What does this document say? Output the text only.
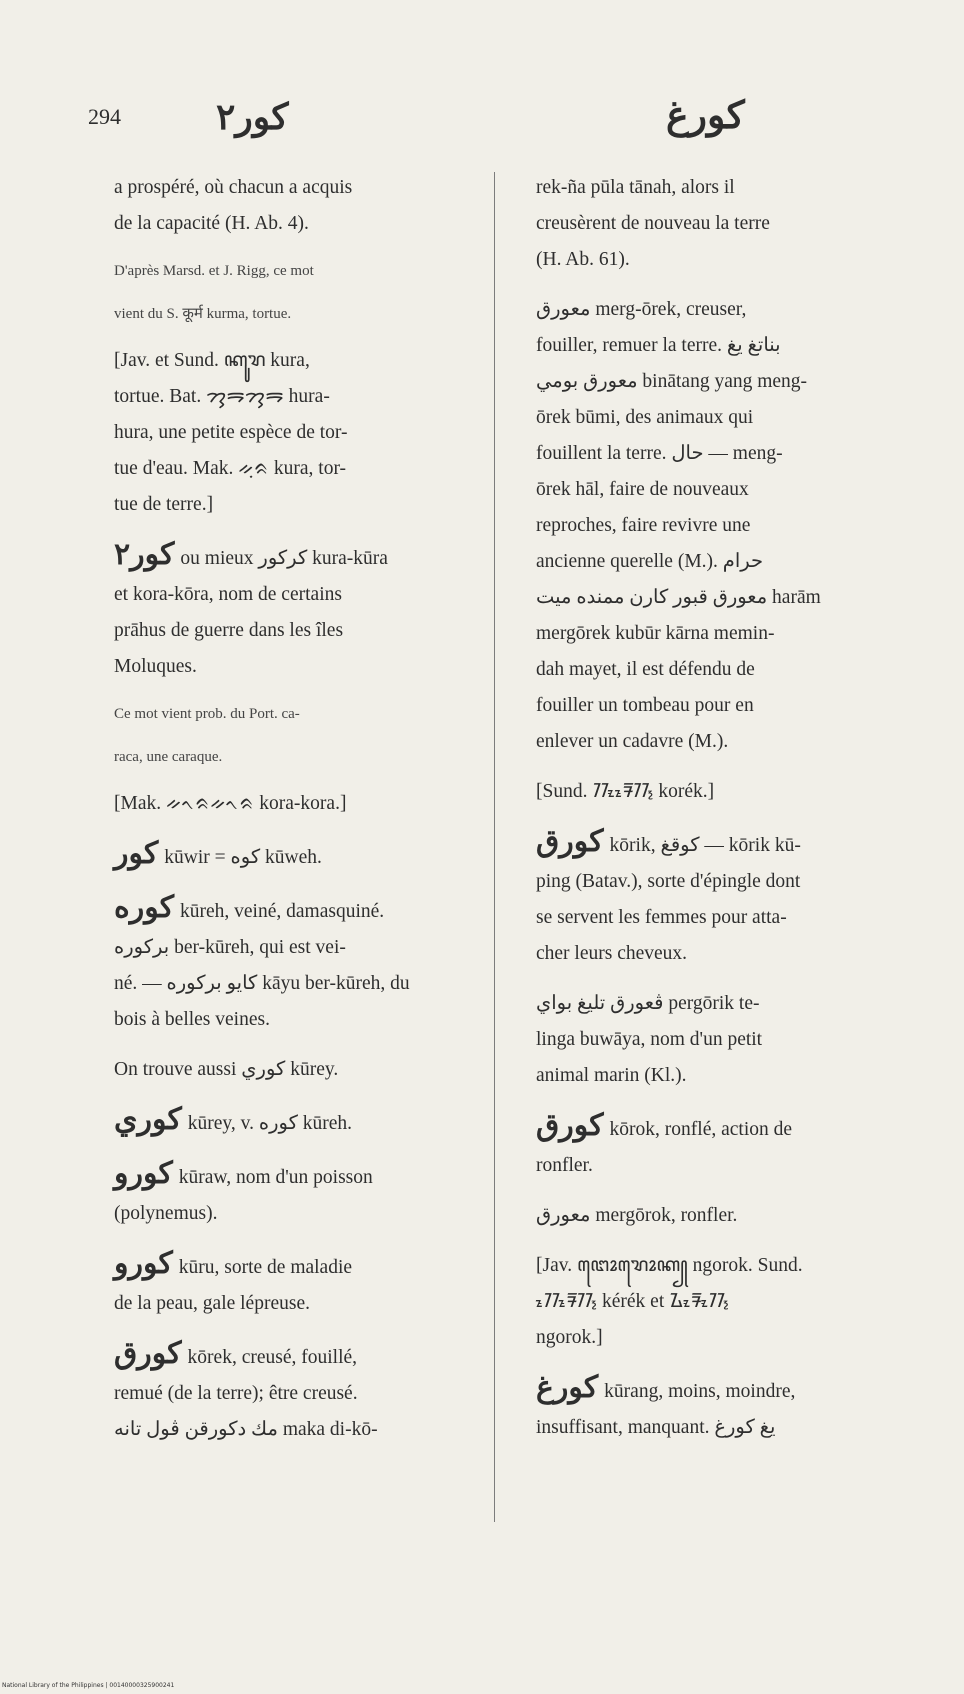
294	كور٢	كورغ

a prospéré, où chacun a acquis

de la capacité (H. Ab. 4).

D'après Marsd. et J. Rigg, ce mot

vient du S. कूर्म kurma, tortue.

[Jav. et Sund. ꦏꦸꦫ kura,

tortue. Bat. ᯂᯮᯒᯂᯮᯒ hura-

hura, une petite espèce de tor-

tue d'eau. Mak. ᨀᨘᨑ kura, tor-

tue de terre.]

كور٢ ou mieux كركور kura-kūra

et kora-kōra, nom de certains

prāhus de guerre dans les îles

Moluques.

Ce mot vient prob. du Port. ca-

raca, une caraque.

[Mak. ᨀᨚᨑᨀᨚᨑ kora-kora.]

كور kūwir = كوه kūweh.

كوره kūreh, veiné, damasquiné.

بركوره ber-kūreh, qui est vei-

né. — كايو بركوره kāyu ber-kūreh, du

bois à belles veines.

On trouve aussi كوري kūrey.

كوري kūrey, v. كوره kūreh.

كورو kūraw, nom d'un poisson

(polynemus).

كورو kūru, sorte de maladie

de la peau, gale lépreuse.

كورق kōrek, creusé, fouillé,

remué (de la terre); être creusé.

مك دكورقن ڤول تانه maka di-kō-

rek-ña pūla tānah, alors il

creusèrent de nouveau la terre

(H. Ab. 61).

معورق merg-ōrek, creuser,

fouiller, remuer la terre. بناتغ يغ

معورق بومي binātang yang meng-

ōrek būmi, des animaux qui

fouillent la terre. حال — meng-

ōrek hāl, faire de nouveaux

reproches, faire revivre une

ancienne querelle (M.). حرام

معورق قبور كارن ممنده ميت harām

mergōrek kubūr kārna memin-

dah mayet, il est défendu de

fouiller un tombeau pour en

enlever un cadavre (M.).

[Sund. ᮊᮧᮛᮦᮊ᮪ korék.]

كورق kōrik, كوقغ — kōrik kū-

ping (Batav.), sorte d'épingle dont

se servent les femmes pour atta-

cher leurs cheveux.

ڤعورق تليغ بواي pergōrik te-

linga buwāya, nom d'un petit

animal marin (Kl.).

كورق kōrok, ronflé, action de

ronfler.

معورق mergōrok, ronfler.

[Jav. ꦔꦺꦴꦫꦺꦴꦏ꧀ ngorok. Sund.

ᮊᮦᮛᮦᮊ᮪ kérék et ᮍᮧᮛᮧᮊ᮪

ngorok.]

كورغ kūrang, moins, moindre,

insuffisant, manquant. يغ كورغ

National Library of the Philippines | 00140000325900241
